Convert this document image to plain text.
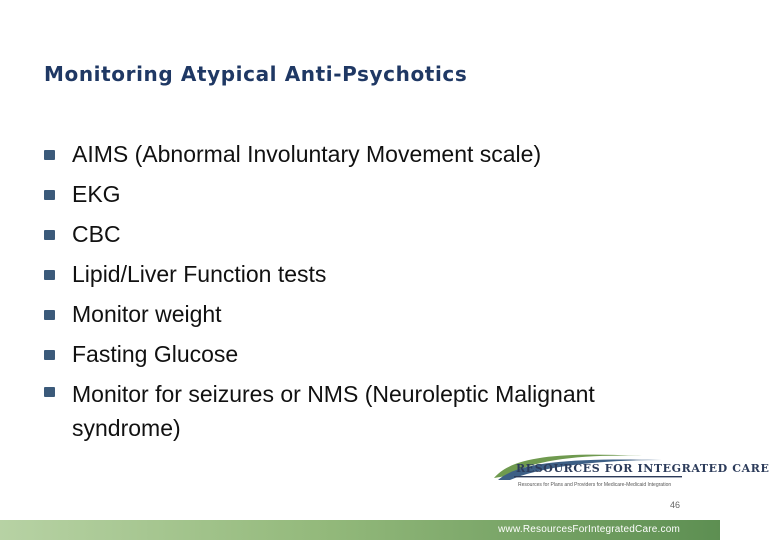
Monitoring Atypical Anti-Psychotics
AIMS (Abnormal Involuntary Movement scale)
EKG
CBC
Lipid/Liver Function tests
Monitor weight
Fasting Glucose
Monitor for seizures or NMS (Neuroleptic Malignant syndrome)
RESOURCES FOR INTEGRATED CARE
Resources for Plans and Providers for Medicare-Medicaid Integration
46
www.ResourcesForIntegratedCare.com
